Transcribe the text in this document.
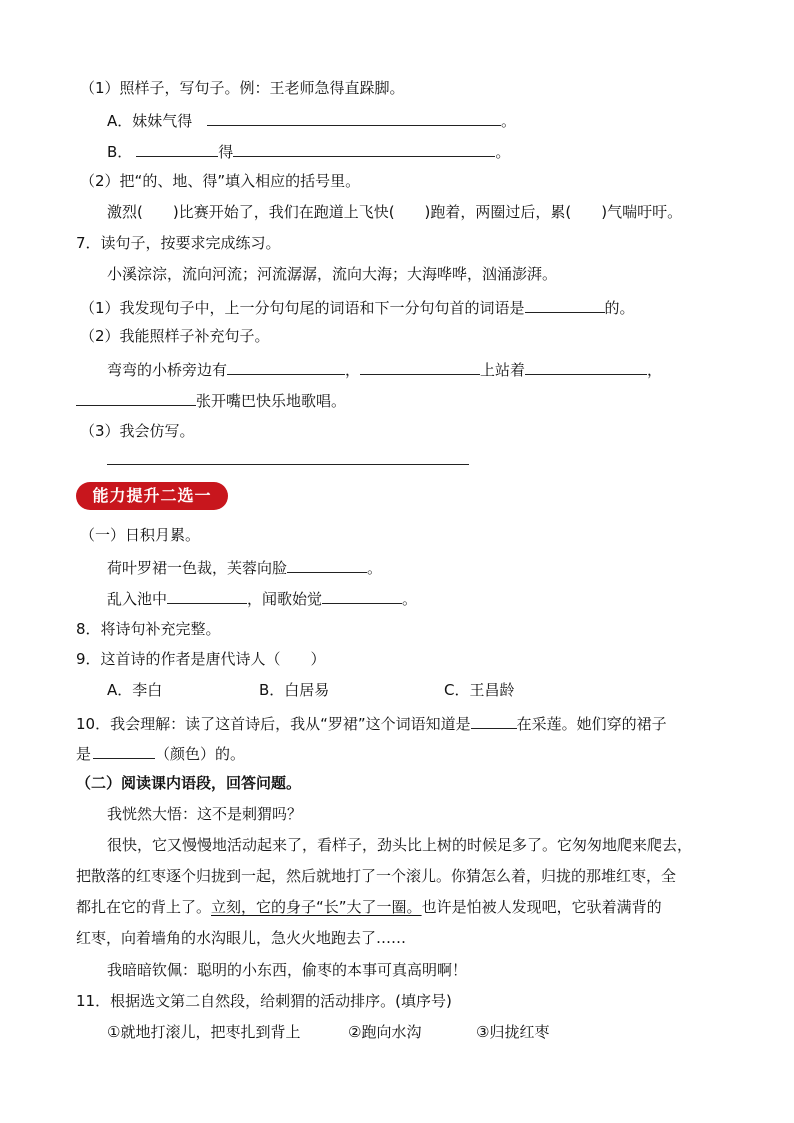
（1）照样子，写句子。例：王老师急得直跺脚。
A．妹妹气得	。
B．	得	。
（2）把“的、地、得”填入相应的括号里。
激烈(　　)比赛开始了，我们在跑道上飞快(　　)跑着，两圈过后，累(　　)气喘吁吁。
7．读句子，按要求完成练习。
小溪淙淙，流向河流；河流潺潺，流向大海；大海哗哗，汹涌澎湃。
（1）我发现句子中，上一分句句尾的词语和下一分句句首的词语是	的。
（2）我能照样子补充句子。
弯弯的小桥旁边有	，	上站着	，
张开嘴巴快乐地歌唱。
（3）我会仿写。
能力提升二选一
（一）日积月累。
荷叶罗裙一色裁，芙蓉向脸	。
乱入池中	，闻歌始觉	。
8．将诗句补充完整。
9．这首诗的作者是唐代诗人（　　）
A．李白	B．白居易	C．王昌龄
10．我会理解：读了这首诗后，我从“罗裙”这个词语知道是	在采莲。她们穿的裙子
是	（颜色）的。
（二）阅读课内语段，回答问题。
我恍然大悟：这不是刺猬吗？
很快，它又慢慢地活动起来了，看样子，劲头比上树的时候足多了。它匆匆地爬来爬去，
把散落的红枣逐个归拢到一起，然后就地打了一个滚儿。你猜怎么着，归拢的那堆红枣，全
都扎在它的背上了。立刻，它的身子“长”大了一圈。也许是怕被人发现吧，它驮着满背的
红枣，向着墙角的水沟眼儿，急火火地跑去了……
我暗暗钦佩：聪明的小东西，偷枣的本事可真高明啊！
11．根据选文第二自然段，给刺猬的活动排序。(填序号)
①就地打滚儿，把枣扎到背上	②跑向水沟	③归拢红枣
